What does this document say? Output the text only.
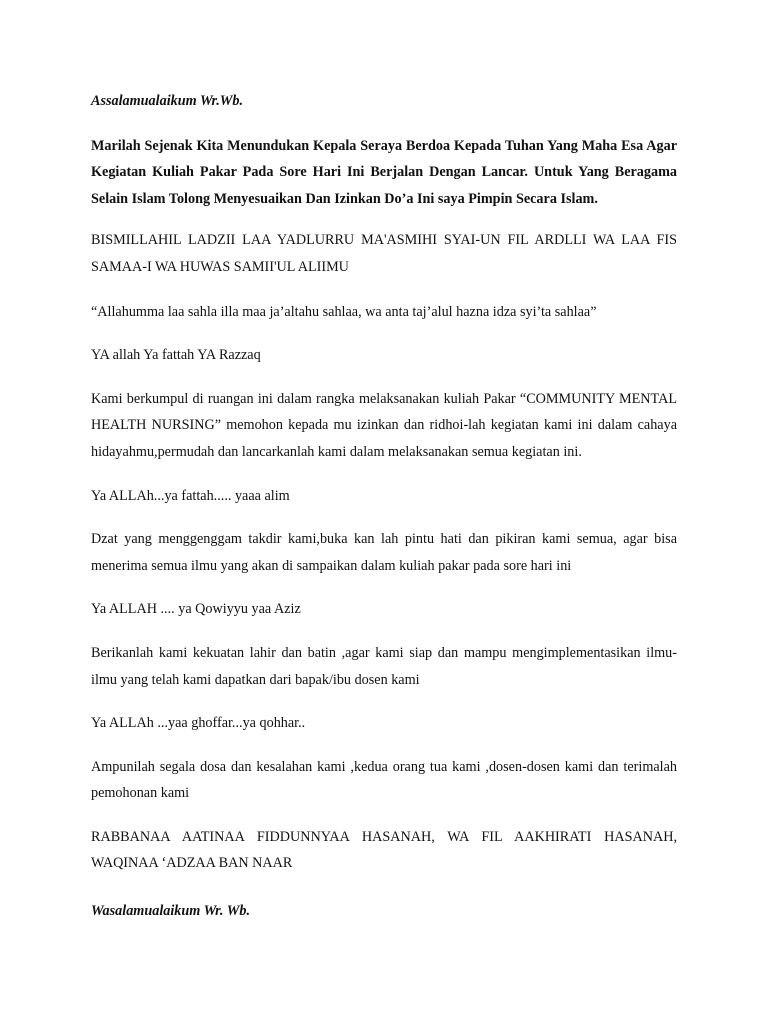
Assalamualaikum Wr.Wb.

Marilah Sejenak Kita Menundukan Kepala Seraya Berdoa Kepada Tuhan Yang Maha Esa Agar Kegiatan Kuliah Pakar Pada Sore Hari Ini Berjalan Dengan Lancar. Untuk Yang Beragama Selain Islam Tolong Menyesuaikan Dan Izinkan Do’a Ini saya Pimpin Secara Islam.

BISMILLAHIL LADZII LAA YADLURRU MA'ASMIHI SYAI-UN FIL ARDLLI WA LAA FIS SAMAA-I WA HUWAS SAMII'UL ALIIMU

“Allahumma laa sahla illa maa ja’altahu sahlaa, wa anta taj’alul hazna idza syi’ta sahlaa”

YA allah Ya fattah YA Razzaq

Kami berkumpul di ruangan ini dalam rangka melaksanakan kuliah Pakar “COMMUNITY MENTAL HEALTH NURSING” memohon kepada mu izinkan dan ridhoi-lah kegiatan kami ini dalam cahaya hidayahmu,permudah dan lancarkanlah kami dalam melaksanakan semua kegiatan ini.

Ya ALLAh...ya fattah..... yaaa alim

Dzat yang menggenggam takdir kami,buka kan lah pintu hati dan pikiran kami semua, agar bisa menerima semua ilmu yang akan di sampaikan dalam kuliah pakar pada sore hari ini

Ya ALLAH .... ya Qowiyyu yaa Aziz

Berikanlah kami kekuatan lahir dan batin ,agar kami siap dan mampu mengimplementasikan ilmu-ilmu yang telah kami dapatkan dari bapak/ibu dosen kami

Ya ALLAh ...yaa ghoffar...ya qohhar..

Ampunilah segala dosa dan kesalahan kami ,kedua orang tua kami ,dosen-dosen kami dan terimalah pemohonan kami

RABBANAA AATINAA FIDDUNNYAA HASANAH, WA FIL AAKHIRATI HASANAH, WAQINAA ‘ADZAA BAN NAAR

Wasalamualaikum Wr. Wb.
